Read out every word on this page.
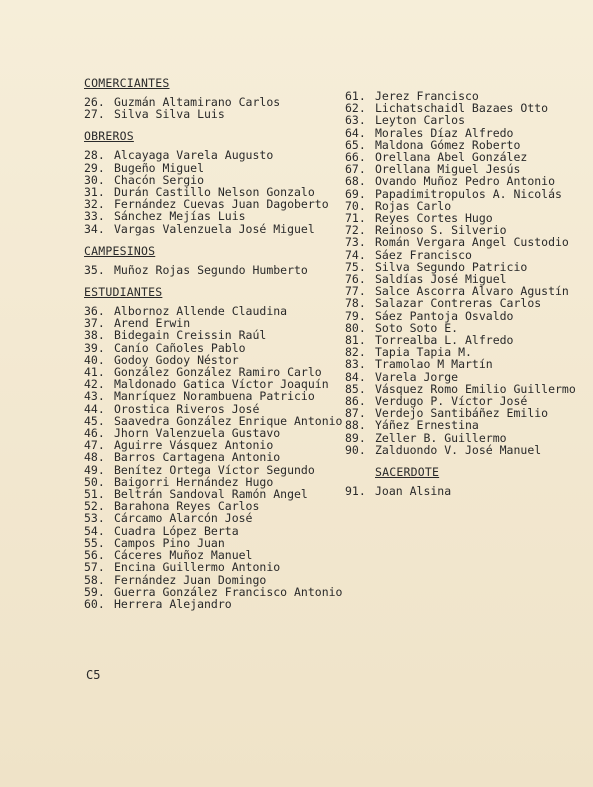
COMERCIANTES
26. Guzmán Altamirano Carlos
27. Silva Silva Luis
OBREROS
28. Alcayaga Varela Augusto
29. Bugeño Miguel
30. Chacón Sergio
31. Durán Castillo Nelson Gonzalo
32. Fernández Cuevas Juan Dagoberto
33. Sánchez Mejías Luis
34. Vargas Valenzuela José Miguel
CAMPESINOS
35. Muñoz Rojas Segundo Humberto
ESTUDIANTES
36. Albornoz Allende Claudina
37. Arend Erwin
38. Bidegain Creissin Raúl
39. Canío Cañoles Pablo
40. Godoy Godoy Néstor
41. González González Ramiro Carlo
42. Maldonado Gatica Víctor Joaquín
43. Manríquez Norambuena Patricio
44. Orostica Riveros José
45. Saavedra González Enrique Antonio
46. Jhorn Valenzuela Gustavo
47. Aguirre Vásquez Antonio
48. Barros Cartagena Antonio
49. Benítez Ortega Víctor Segundo
50. Baigorri Hernández Hugo
51. Beltrán Sandoval Ramón Angel
52. Barahona Reyes Carlos
53. Cárcamo Alarcón José
54. Cuadra López Berta
55. Campos Pino Juan
56. Cáceres Muñoz Manuel
57. Encina Guillermo Antonio
58. Fernández Juan Domingo
59. Guerra González Francisco Antonio
60. Herrera Alejandro
61. Jerez Francisco
62. Lichatschaidl Bazaes Otto
63. Leyton Carlos
64. Morales Díaz Alfredo
65. Maldona Gómez Roberto
66. Orellana Abel González
67. Orellana Miguel Jesús
68. Ovando Muñoz Pedro Antonio
69. Papadimitropulos A. Nicolás
70. Rojas Carlo
71. Reyes Cortes Hugo
72. Reinoso S. Silverio
73. Román Vergara Angel Custodio
74. Sáez Francisco
75. Silva Segundo Patricio
76. Saldías José Miguel
77. Salce Ascorra Alvaro Agustín
78. Salazar Contreras Carlos
79. Sáez Pantoja Osvaldo
80. Soto Soto E.
81. Torrealba L. Alfredo
82. Tapia Tapia M.
83. Tramolao M Martín
84. Varela Jorge
85. Vásquez Romo Emilio Guillermo
86. Verdugo P. Víctor José
87. Verdejo Santibáñez Emilio
88. Yáñez Ernestina
89. Zeller B. Guillermo
90. Zalduondo V. José Manuel
SACERDOTE
91. Joan Alsina
C5
